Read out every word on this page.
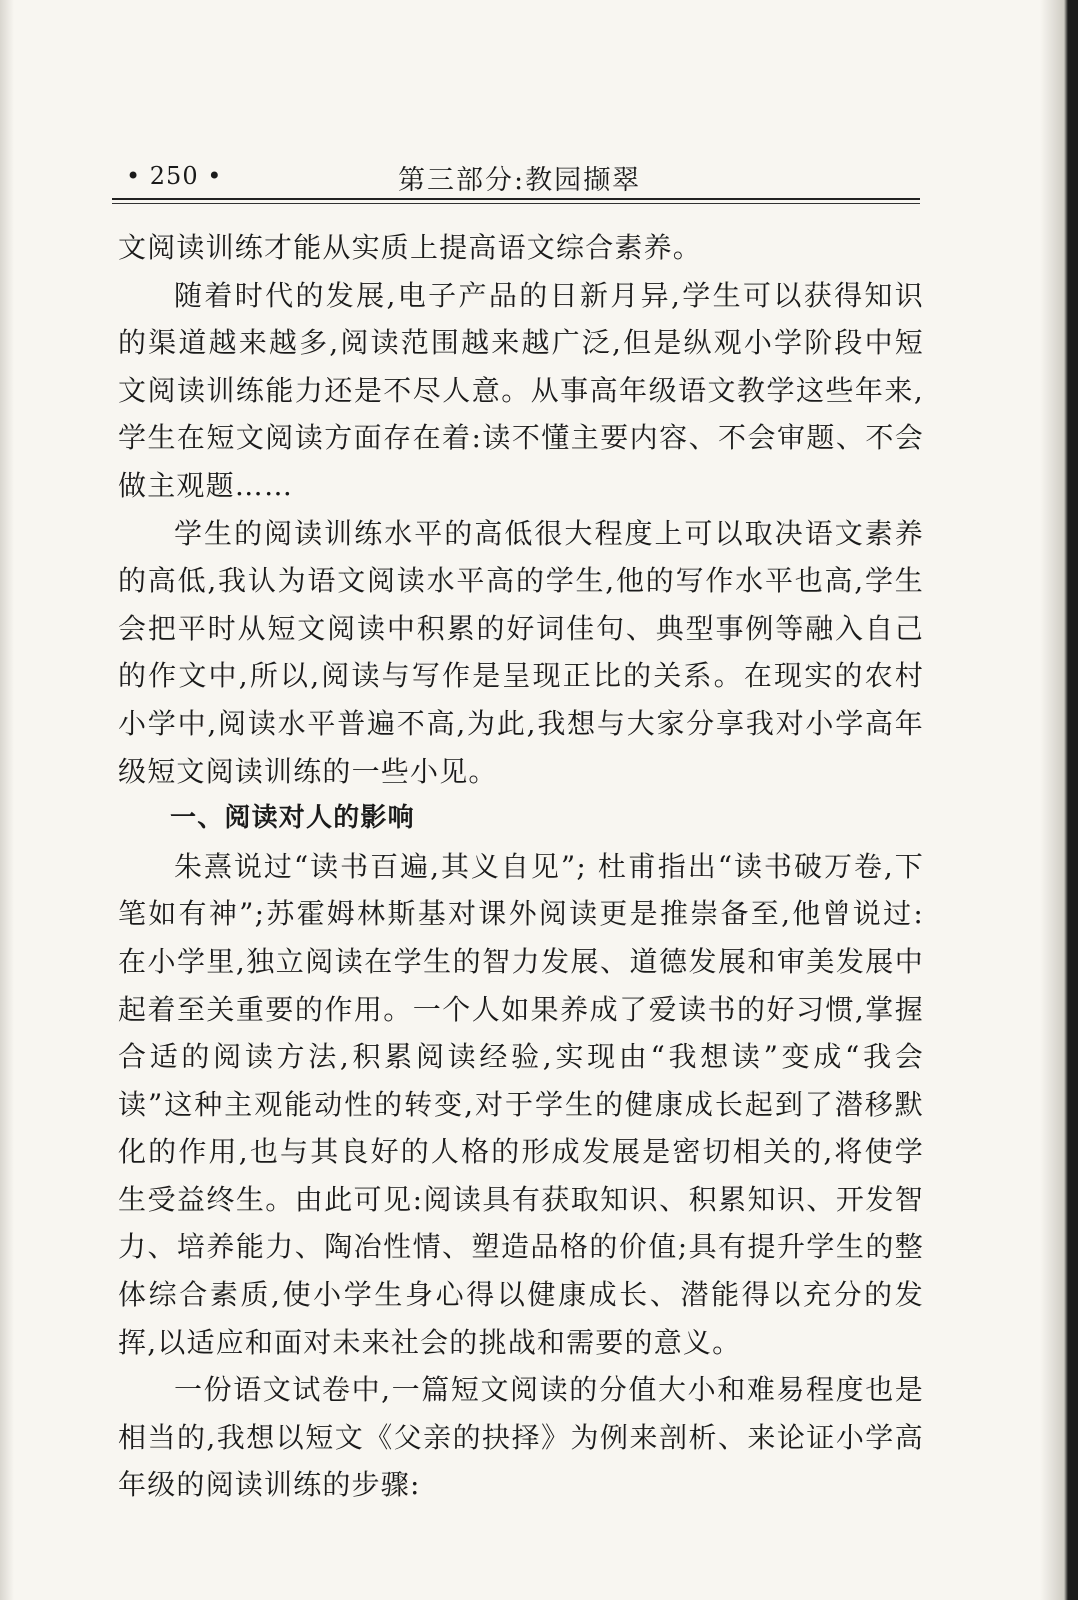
• 250 •	第三部分:教园撷翠

文阅读训练才能从实质上提高语文综合素养。

随着时代的发展,电子产品的日新月异,学生可以获得知识的渠道越来越多,阅读范围越来越广泛,但是纵观小学阶段中短文阅读训练能力还是不尽人意。从事高年级语文教学这些年来,学生在短文阅读方面存在着:读不懂主要内容、不会审题、不会做主观题……

学生的阅读训练水平的高低很大程度上可以取决语文素养的高低,我认为语文阅读水平高的学生,他的写作水平也高,学生会把平时从短文阅读中积累的好词佳句、典型事例等融入自己的作文中,所以,阅读与写作是呈现正比的关系。在现实的农村小学中,阅读水平普遍不高,为此,我想与大家分享我对小学高年级短文阅读训练的一些小见。

一、阅读对人的影响

朱熹说过“读书百遍,其义自见”; 杜甫指出“读书破万卷,下笔如有神”;苏霍姆林斯基对课外阅读更是推崇备至,他曾说过:在小学里,独立阅读在学生的智力发展、道德发展和审美发展中起着至关重要的作用。一个人如果养成了爱读书的好习惯,掌握合适的阅读方法,积累阅读经验,实现由“我想读”变成“我会读”这种主观能动性的转变,对于学生的健康成长起到了潜移默化的作用,也与其良好的人格的形成发展是密切相关的,将使学生受益终生。由此可见:阅读具有获取知识、积累知识、开发智力、培养能力、陶冶性情、塑造品格的价值;具有提升学生的整体综合素质,使小学生身心得以健康成长、潜能得以充分的发挥,以适应和面对未来社会的挑战和需要的意义。

一份语文试卷中,一篇短文阅读的分值大小和难易程度也是相当的,我想以短文《父亲的抉择》为例来剖析、来论证小学高年级的阅读训练的步骤:
